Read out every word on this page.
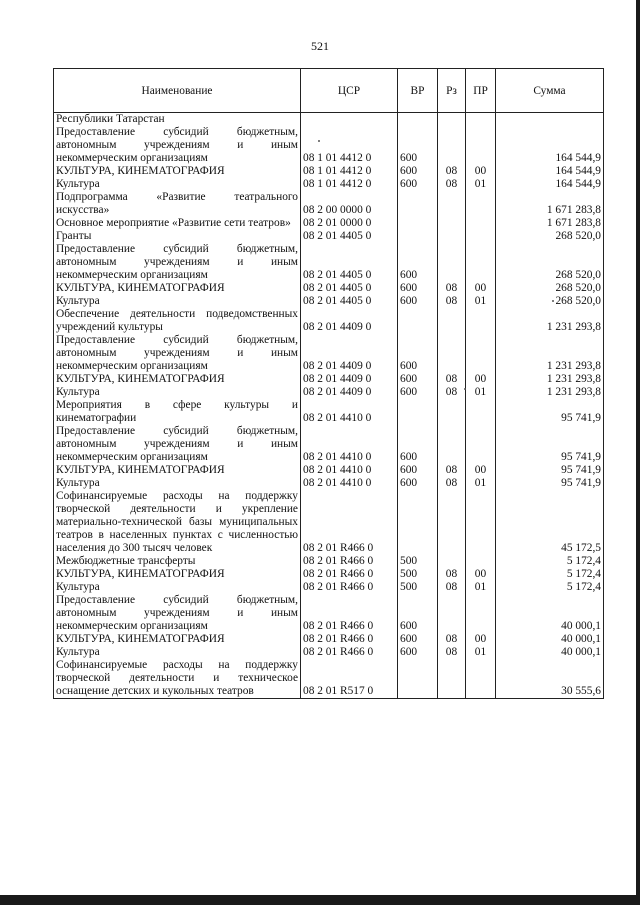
521
Наименование	ЦСР	ВР	Рз	ПР	Сумма
Республики Татарстан					
Предоставление субсидий бюджетным, автономным учреждениям и иным некоммерческим организациям	08 1 01 4412 0	600			164 544,9
КУЛЬТУРА, КИНЕМАТОГРАФИЯ	08 1 01 4412 0	600	08	00	164 544,9
Культура	08 1 01 4412 0	600	08	01	164 544,9
Подпрограмма «Развитие театрального искусства»	08 2 00 0000 0				1 671 283,8
Основное мероприятие «Развитие сети театров»	08 2 01 0000 0				1 671 283,8
Гранты	08 2 01 4405 0				268 520,0
Предоставление субсидий бюджетным, автономным учреждениям и иным некоммерческим организациям	08 2 01 4405 0	600			268 520,0
КУЛЬТУРА, КИНЕМАТОГРАФИЯ	08 2 01 4405 0	600	08	00	268 520,0
Культура	08 2 01 4405 0	600	08	01	268 520,0
Обеспечение деятельности подведомственных учреждений культуры	08 2 01 4409 0				1 231 293,8
Предоставление субсидий бюджетным, автономным учреждениям и иным некоммерческим организациям	08 2 01 4409 0	600			1 231 293,8
КУЛЬТУРА, КИНЕМАТОГРАФИЯ	08 2 01 4409 0	600	08	00	1 231 293,8
Культура	08 2 01 4409 0	600	08	01	1 231 293,8
Мероприятия в сфере культуры и кинематографии	08 2 01 4410 0				95 741,9
Предоставление субсидий бюджетным, автономным учреждениям и иным некоммерческим организациям	08 2 01 4410 0	600			95 741,9
КУЛЬТУРА, КИНЕМАТОГРАФИЯ	08 2 01 4410 0	600	08	00	95 741,9
Культура	08 2 01 4410 0	600	08	01	95 741,9
Софинансируемые расходы на поддержку творческой деятельности и укрепление материально-технической базы муниципальных театров в населенных пунктах с численностью населения до 300 тысяч человек	08 2 01 R466 0				45 172,5
Межбюджетные трансферты	08 2 01 R466 0	500			5 172,4
КУЛЬТУРА, КИНЕМАТОГРАФИЯ	08 2 01 R466 0	500	08	00	5 172,4
Культура	08 2 01 R466 0	500	08	01	5 172,4
Предоставление субсидий бюджетным, автономным учреждениям и иным некоммерческим организациям	08 2 01 R466 0	600			40 000,1
КУЛЬТУРА, КИНЕМАТОГРАФИЯ	08 2 01 R466 0	600	08	00	40 000,1
Культура	08 2 01 R466 0	600	08	01	40 000,1
Софинансируемые расходы на поддержку творческой деятельности и техническое оснащение детских и кукольных театров	08 2 01 R517 0				30 555,6
